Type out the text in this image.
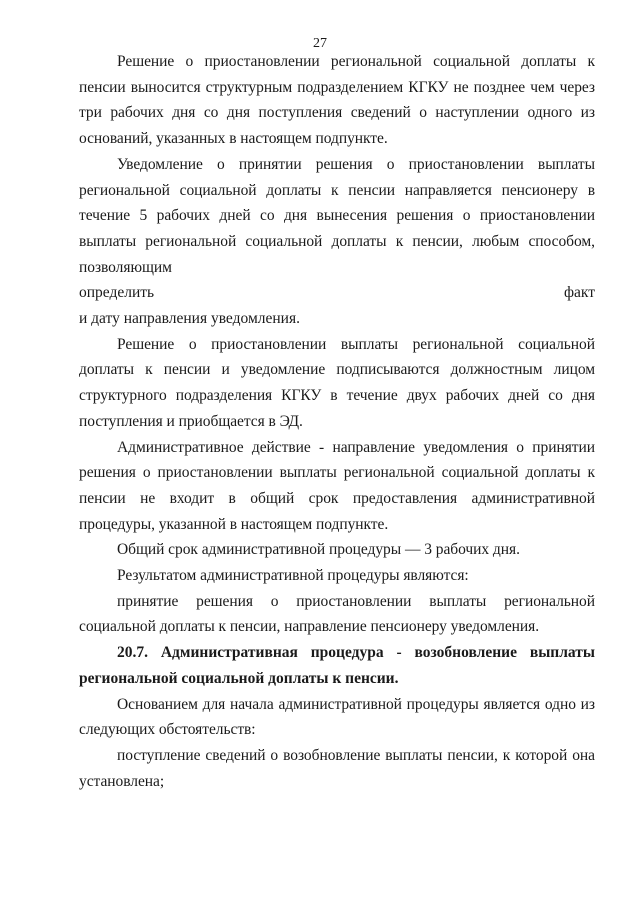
27

Решение о приостановлении региональной социальной доплаты к пенсии выносится структурным подразделением КГКУ не позднее чем через три рабочих дня со дня поступления сведений о наступлении одного из оснований, указанных в настоящем подпункте.

Уведомление о принятии решения о приостановлении выплаты региональной социальной доплаты к пенсии направляется пенсионеру в течение 5 рабочих дней со дня вынесения решения о приостановлении выплаты региональной социальной доплаты к пенсии, любым способом, позволяющим

определить	факт
и дату направления уведомления.

Решение о приостановлении выплаты региональной социальной доплаты к пенсии и уведомление подписываются должностным лицом структурного подразделения КГКУ в течение двух рабочих дней со дня поступления и приобщается в ЭД.

Административное действие - направление уведомления о принятии решения о приостановлении выплаты региональной социальной доплаты к пенсии не входит в общий срок предоставления административной процедуры, указанной в настоящем подпункте.

Общий срок административной процедуры — 3 рабочих дня.

Результатом административной процедуры являются:

принятие решения о приостановлении выплаты региональной социальной доплаты к пенсии, направление пенсионеру уведомления.

20.7. Административная процедура - возобновление выплаты региональной социальной доплаты к пенсии.

Основанием для начала административной процедуры является одно из следующих обстоятельств:

поступление сведений о возобновление выплаты пенсии, к которой она установлена;
